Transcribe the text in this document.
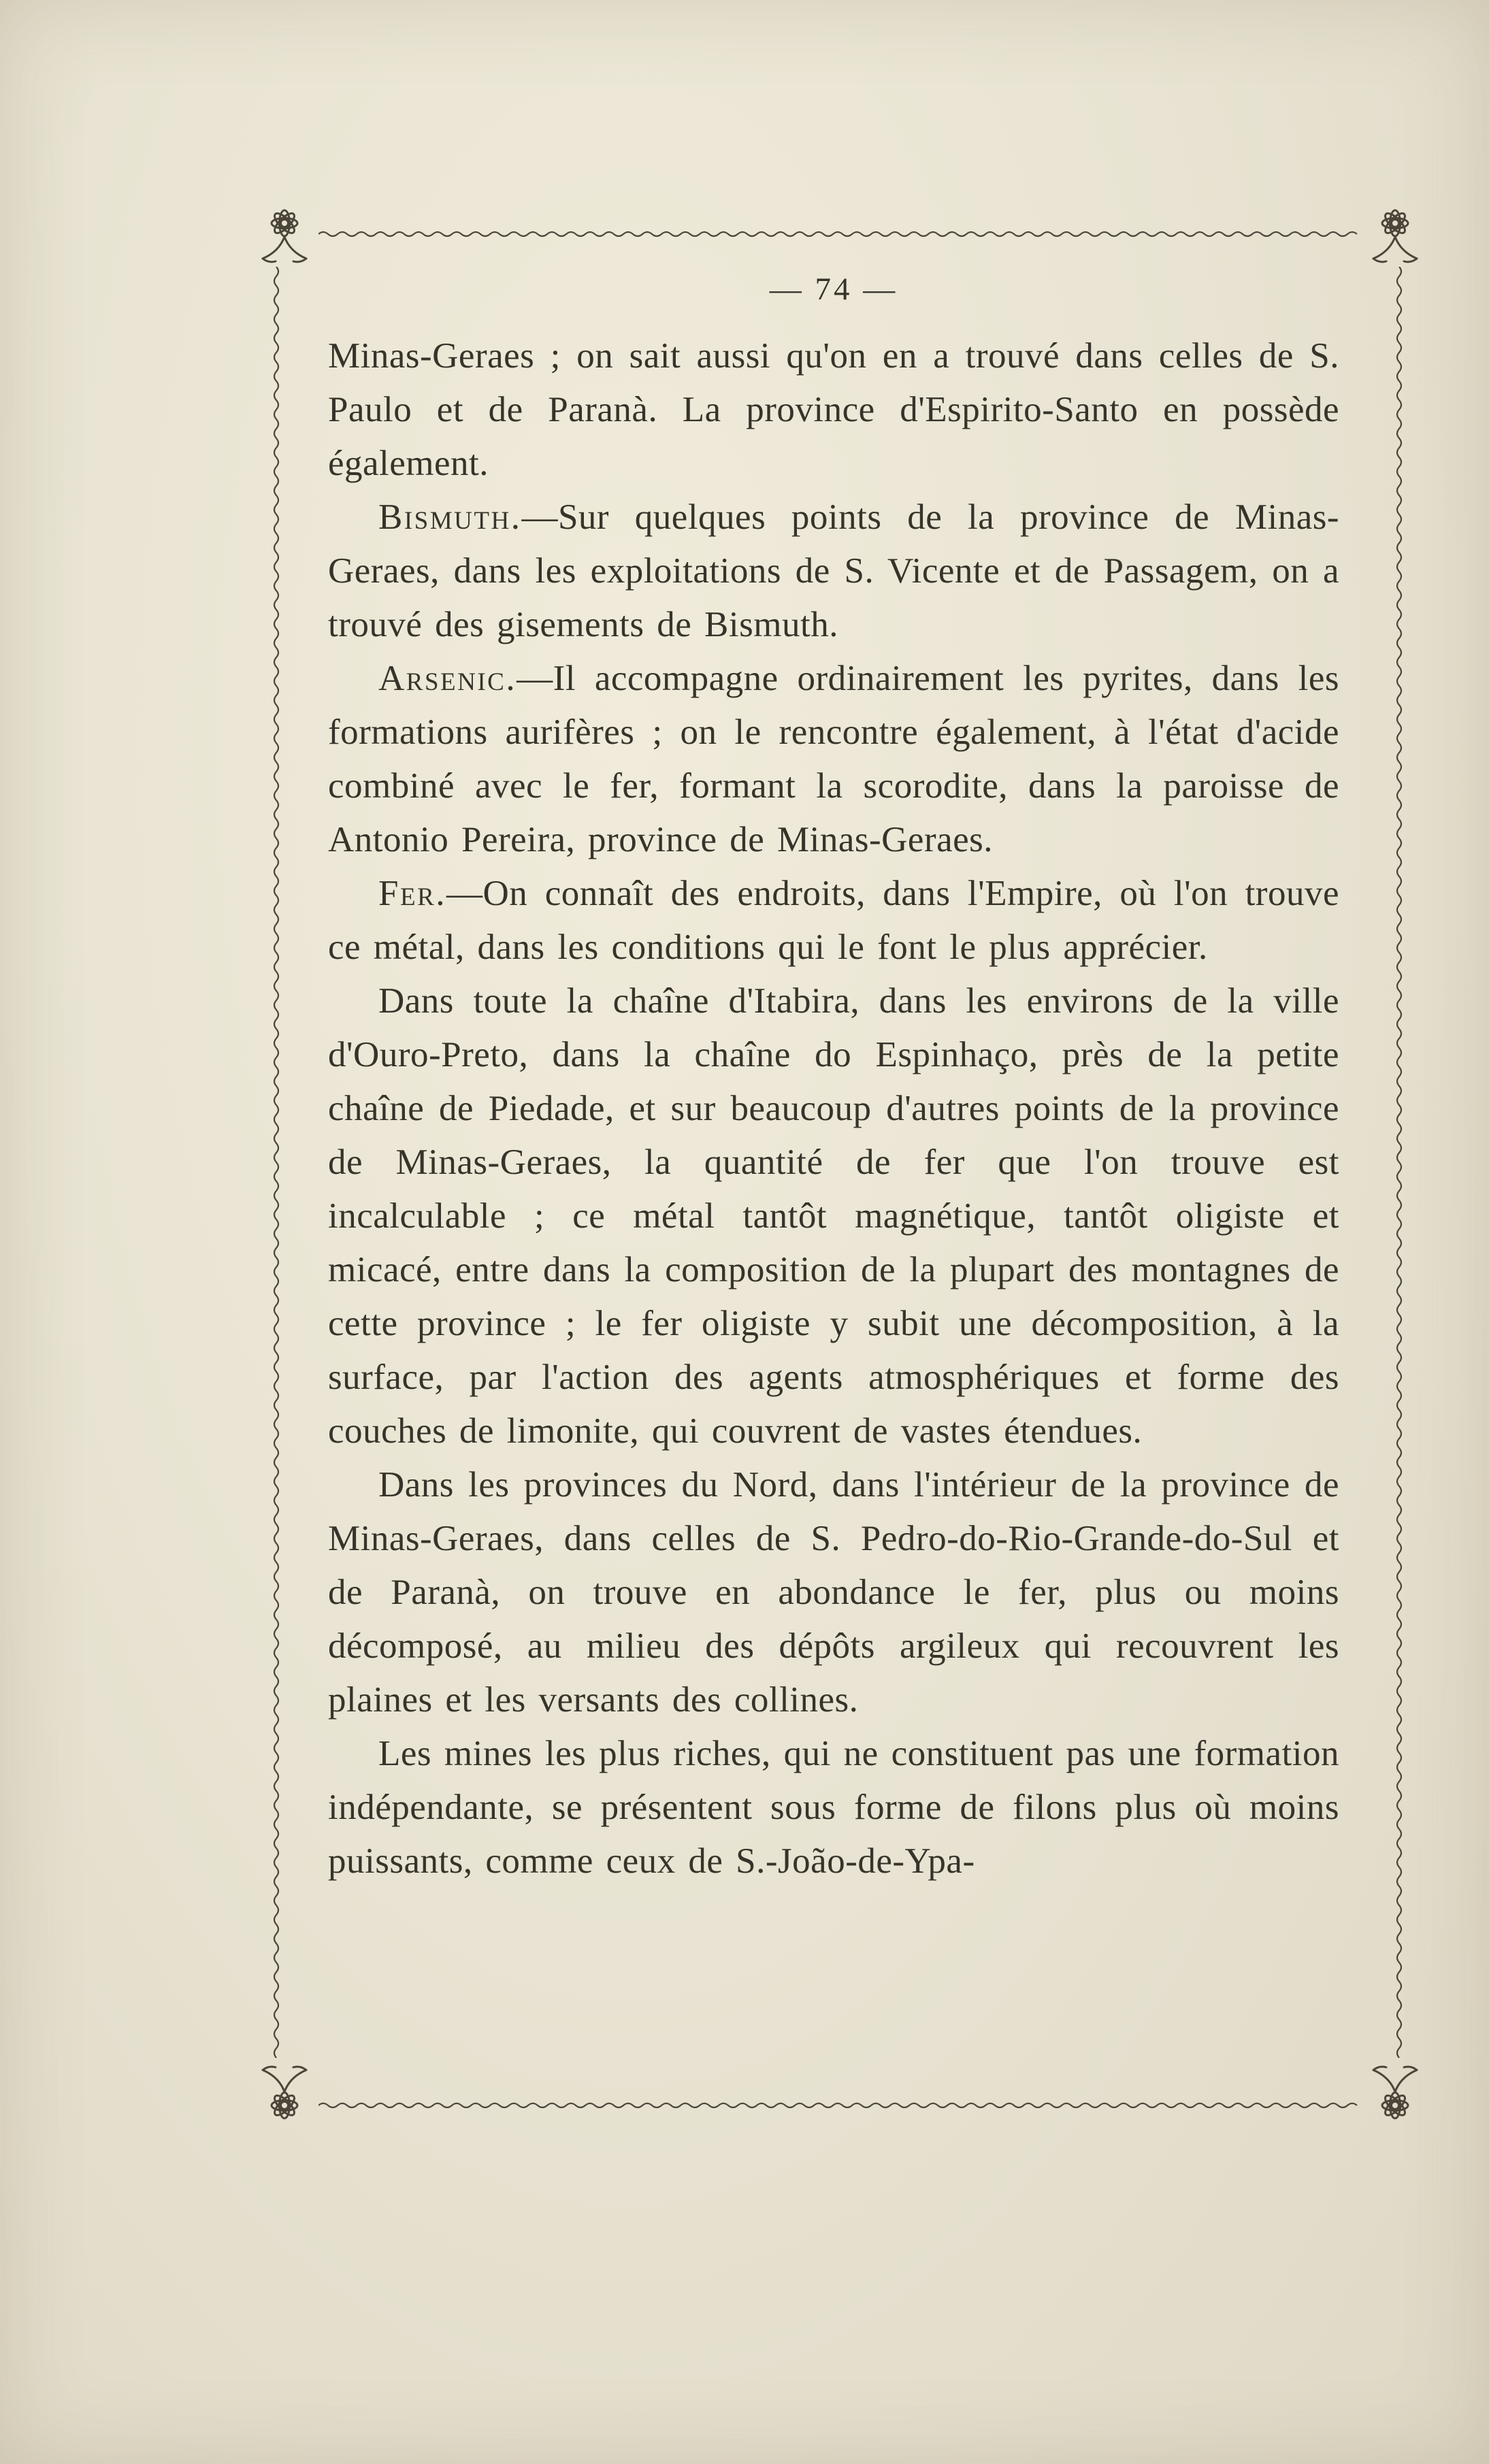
— 74 —

Minas-Geraes ; on sait aussi qu'on en a trouvé dans celles de S. Paulo et de Paranà. La province d'Espirito-Santo en possède également.

Bismuth.—Sur quelques points de la province de Minas-Geraes, dans les exploitations de S. Vicente et de Passagem, on a trouvé des gisements de Bismuth.

Arsenic.—Il accompagne ordinairement les pyrites, dans les formations aurifères ; on le rencontre également, à l'état d'acide combiné avec le fer, formant la scorodite, dans la paroisse de Antonio Pereira, province de Minas-Geraes.

Fer.—On connaît des endroits, dans l'Empire, où l'on trouve ce métal, dans les conditions qui le font le plus apprécier.

Dans toute la chaîne d'Itabira, dans les environs de la ville d'Ouro-Preto, dans la chaîne do Espinhaço, près de la petite chaîne de Piedade, et sur beaucoup d'autres points de la province de Minas-Geraes, la quantité de fer que l'on trouve est incalculable ; ce métal tantôt magnétique, tantôt oligiste et micacé, entre dans la composition de la plupart des montagnes de cette province ; le fer oligiste y subit une décomposition, à la surface, par l'action des agents atmosphériques et forme des couches de limonite, qui couvrent de vastes étendues.

Dans les provinces du Nord, dans l'intérieur de la province de Minas-Geraes, dans celles de S. Pedro-do-Rio-Grande-do-Sul et de Paranà, on trouve en abondance le fer, plus ou moins décomposé, au milieu des dépôts argileux qui recouvrent les plaines et les versants des collines.

Les mines les plus riches, qui ne constituent pas une formation indépendante, se présentent sous forme de filons plus où moins puissants, comme ceux de S.-João-de-Ypa-
